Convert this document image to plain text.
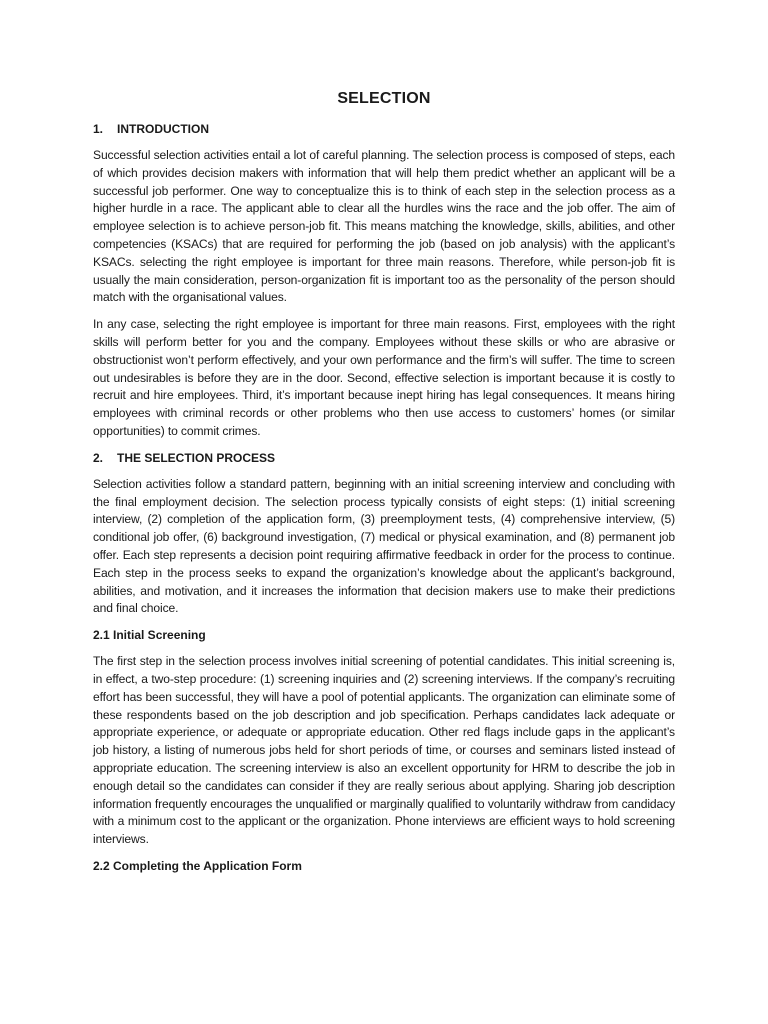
SELECTION
1.	INTRODUCTION

Successful selection activities entail a lot of careful planning. The selection process is composed of steps, each of which provides decision makers with information that will help them predict whether an applicant will be a successful job performer. One way to conceptualize this is to think of each step in the selection process as a higher hurdle in a race. The applicant able to clear all the hurdles wins the race and the job offer. The aim of employee selection is to achieve person-job fit. This means matching the knowledge, skills, abilities, and other competencies (KSACs) that are required for performing the job (based on job analysis) with the applicant’s KSACs. selecting the right employee is important for three main reasons. Therefore, while person-job fit is usually the main consideration, person-organization fit is important too as the personality of the person should match with the organisational values.

In any case, selecting the right employee is important for three main reasons. First, employees with the right skills will perform better for you and the company. Employees without these skills or who are abrasive or obstructionist won’t perform effectively, and your own performance and the firm’s will suffer. The time to screen out undesirables is before they are in the door. Second, effective selection is important because it is costly to recruit and hire employees. Third, it’s important because inept hiring has legal consequences. It means hiring employees with criminal records or other problems who then use access to customers’ homes (or similar opportunities) to commit crimes.

2.	THE SELECTION PROCESS

Selection activities follow a standard pattern, beginning with an initial screening interview and concluding with the final employment decision. The selection process typically consists of eight steps: (1) initial screening interview, (2) completion of the application form, (3) preemployment tests, (4) comprehensive interview, (5) conditional job offer, (6) background investigation, (7) medical or physical examination, and (8) permanent job offer. Each step represents a decision point requiring affirmative feedback in order for the process to continue. Each step in the process seeks to expand the organization’s knowledge about the applicant’s background, abilities, and motivation, and it increases the information that decision makers use to make their predictions and final choice.

2.1 Initial Screening

The first step in the selection process involves initial screening of potential candidates. This initial screening is, in effect, a two-step procedure: (1) screening inquiries and (2) screening interviews. If the company’s recruiting effort has been successful, they will have a pool of potential applicants. The organization can eliminate some of these respondents based on the job description and job specification. Perhaps candidates lack adequate or appropriate experience, or adequate or appropriate education. Other red flags include gaps in the applicant’s job history, a listing of numerous jobs held for short periods of time, or courses and seminars listed instead of appropriate education. The screening interview is also an excellent opportunity for HRM to describe the job in enough detail so the candidates can consider if they are really serious about applying. Sharing job description information frequently encourages the unqualified or marginally qualified to voluntarily withdraw from candidacy with a minimum cost to the applicant or the organization. Phone interviews are efficient ways to hold screening interviews.

2.2 Completing the Application Form
